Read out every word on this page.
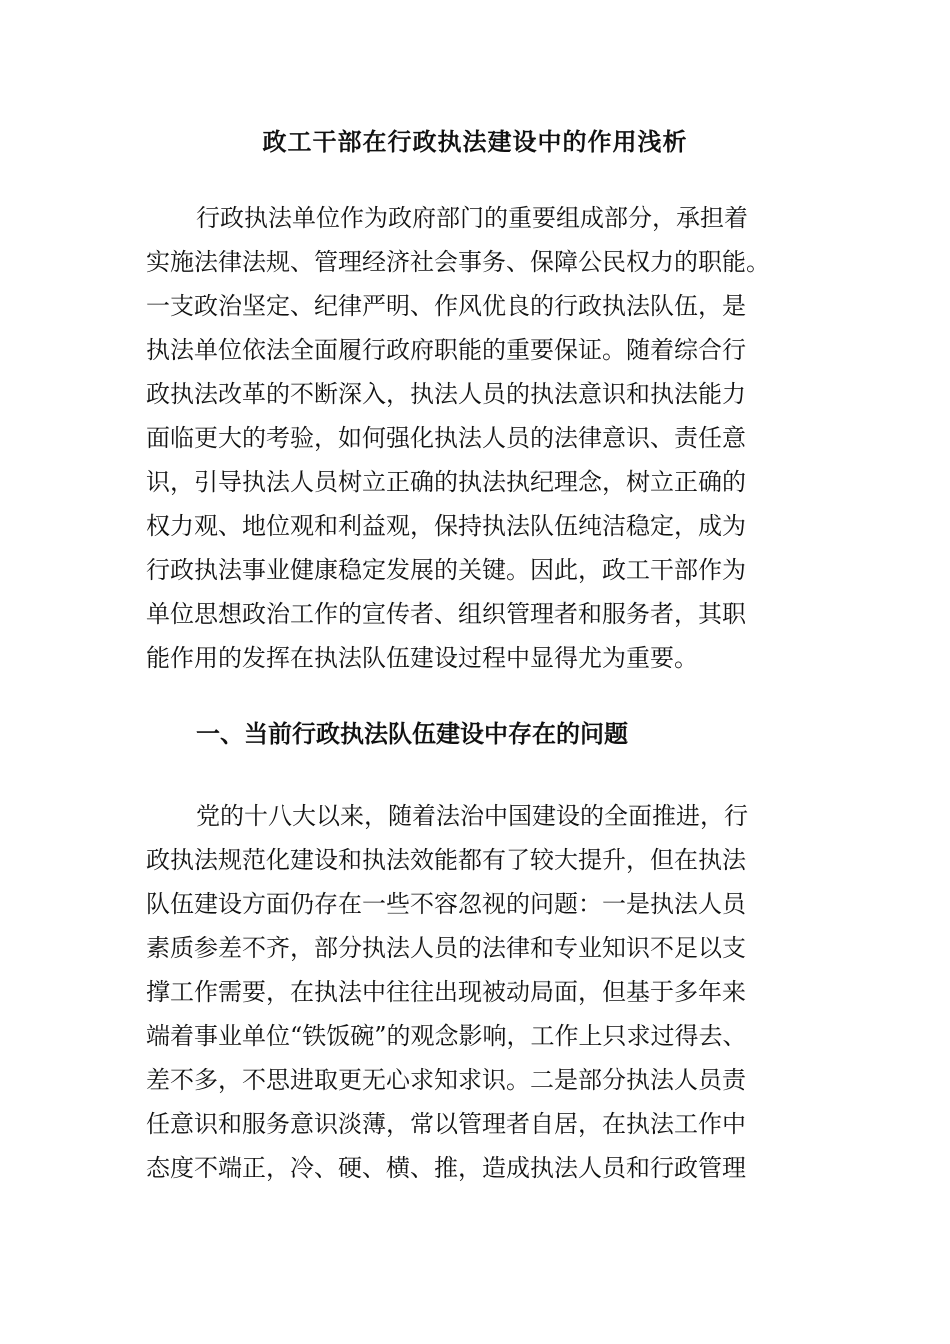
政工干部在行政执法建设中的作用浅析
行政执法单位作为政府部门的重要组成部分，承担着
实施法律法规、管理经济社会事务、保障公民权力的职能。
一支政治坚定、纪律严明、作风优良的行政执法队伍，是
执法单位依法全面履行政府职能的重要保证。随着综合行
政执法改革的不断深入，执法人员的执法意识和执法能力
面临更大的考验，如何强化执法人员的法律意识、责任意
识，引导执法人员树立正确的执法执纪理念，树立正确的
权力观、地位观和利益观，保持执法队伍纯洁稳定，成为
行政执法事业健康稳定发展的关键。因此，政工干部作为
单位思想政治工作的宣传者、组织管理者和服务者，其职
能作用的发挥在执法队伍建设过程中显得尤为重要。
一、当前行政执法队伍建设中存在的问题
党的十八大以来，随着法治中国建设的全面推进，行
政执法规范化建设和执法效能都有了较大提升，但在执法
队伍建设方面仍存在一些不容忽视的问题：一是执法人员
素质参差不齐，部分执法人员的法律和专业知识不足以支
撑工作需要，在执法中往往出现被动局面，但基于多年来
端着事业单位“铁饭碗”的观念影响，工作上只求过得去、
差不多，不思进取更无心求知求识。二是部分执法人员责
任意识和服务意识淡薄，常以管理者自居，在执法工作中
态度不端正，冷、硬、横、推，造成执法人员和行政管理
